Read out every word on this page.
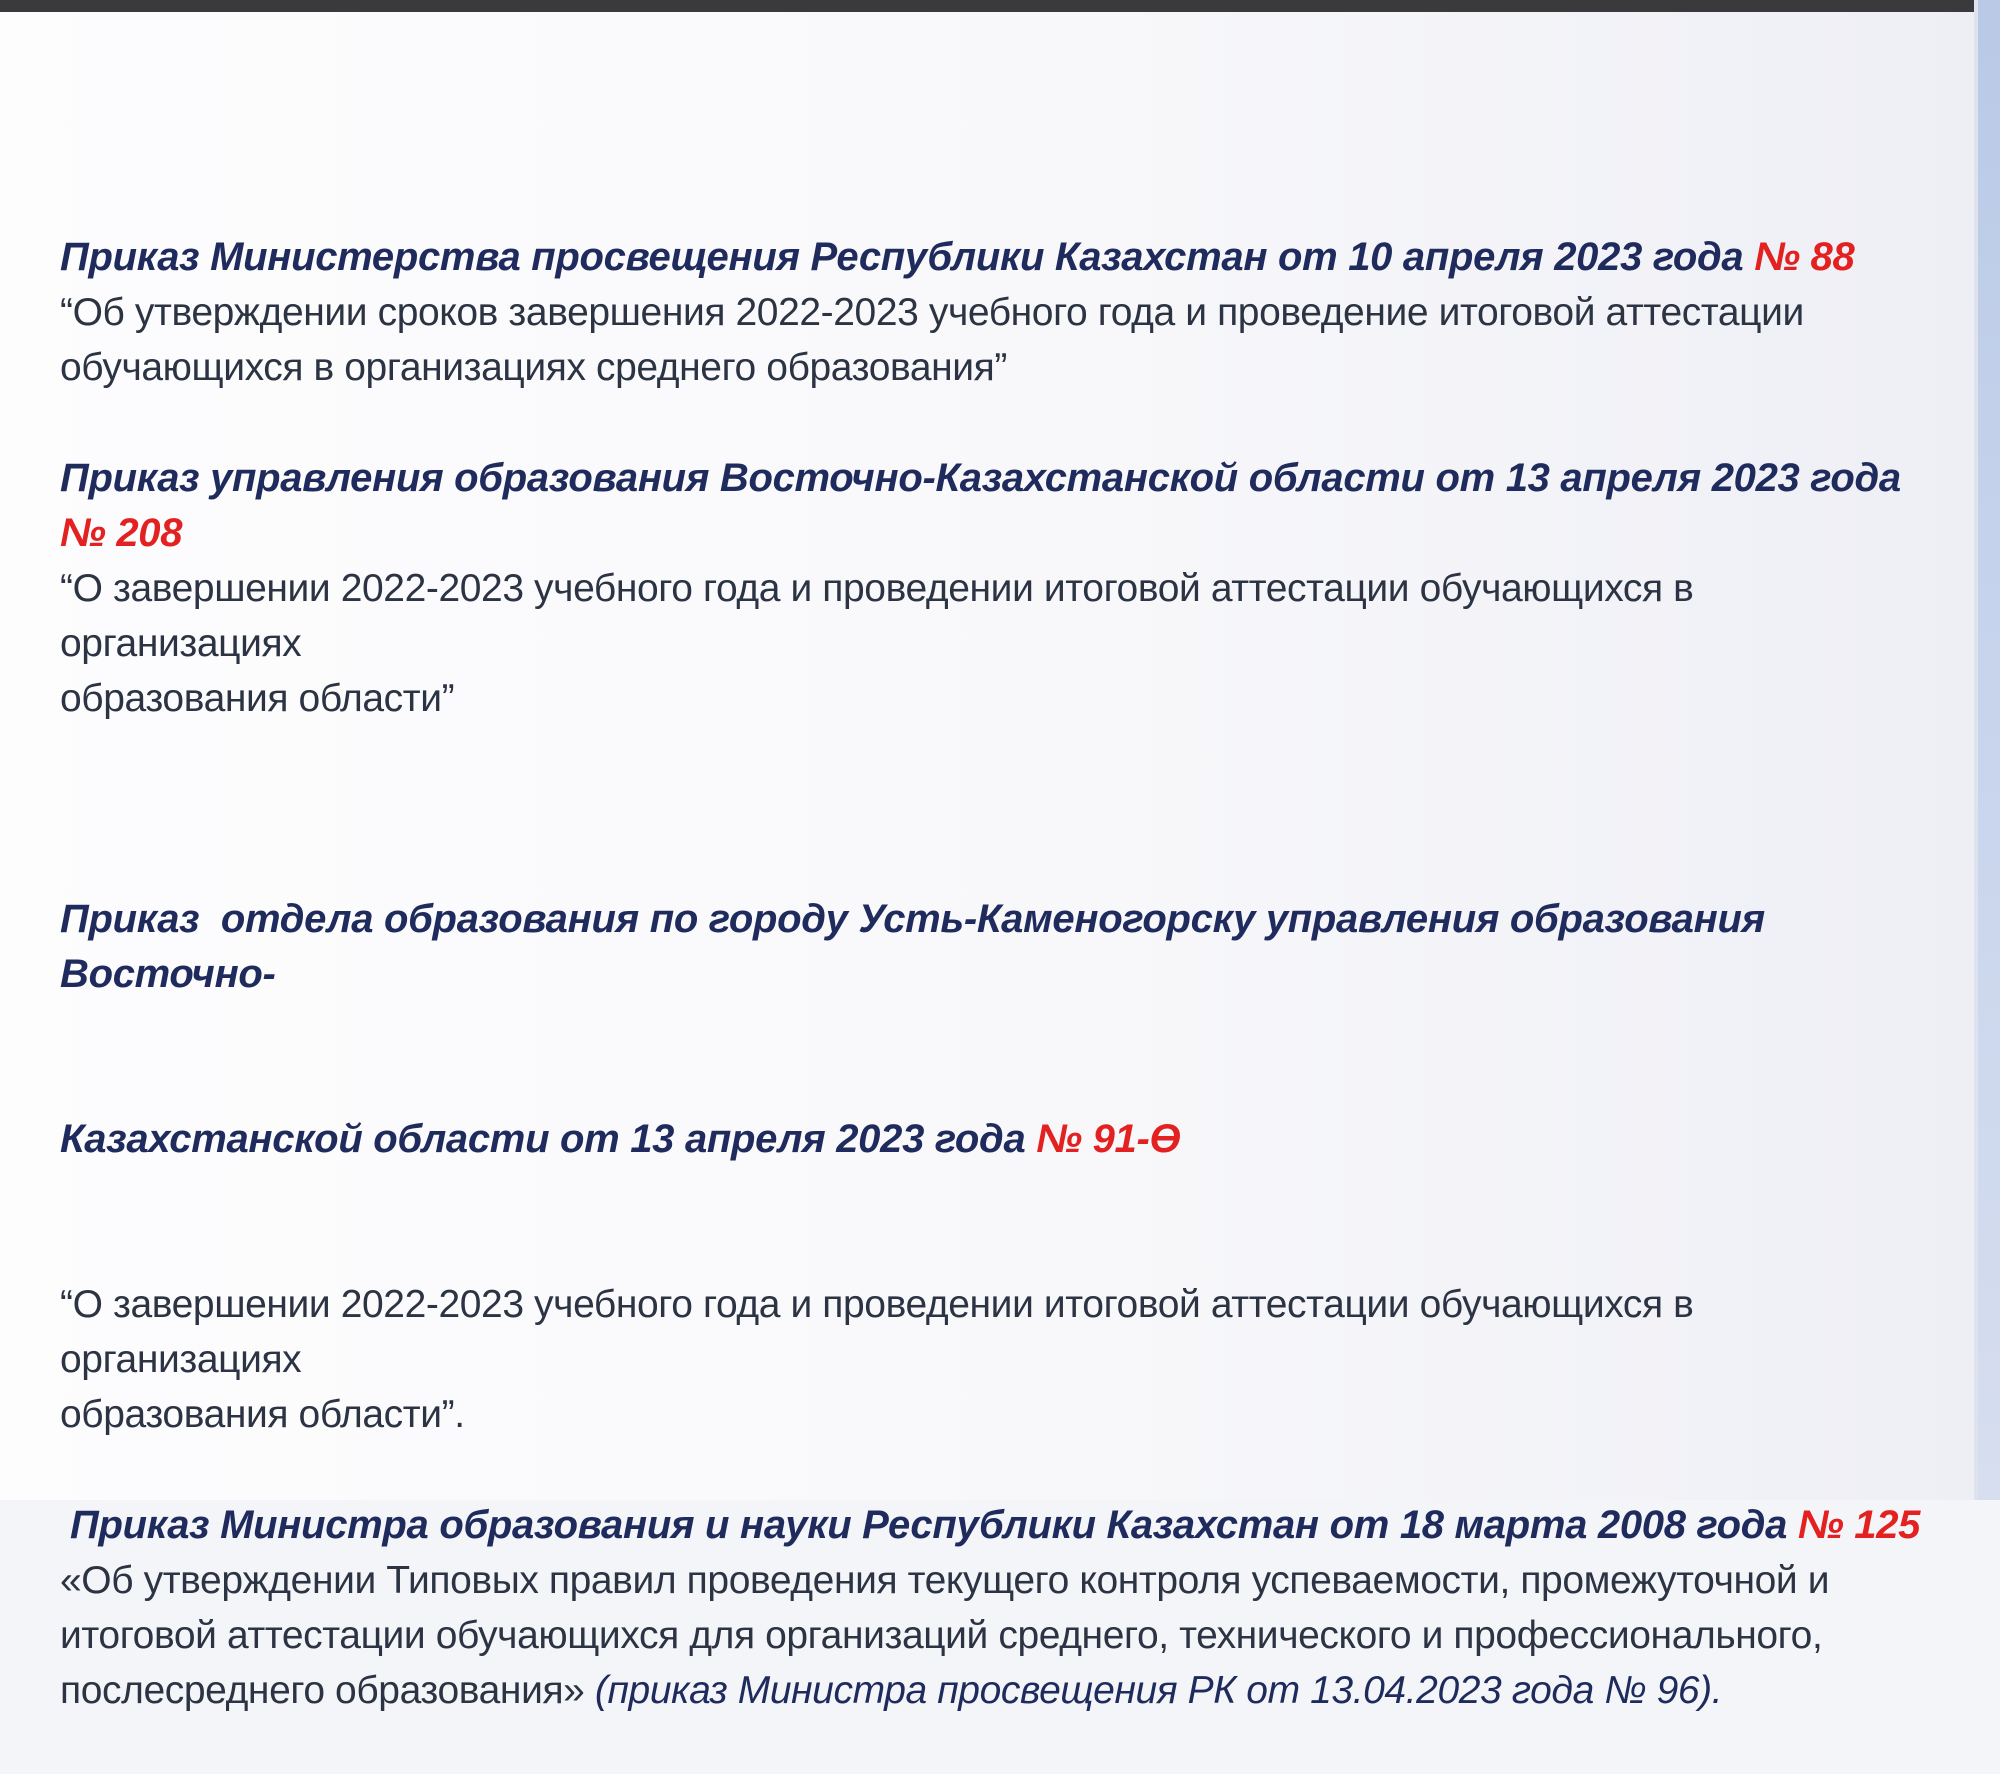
Приказ Министерства просвещения Республики Казахстан от 10 апреля 2023 года № 88
“Об утверждении сроков завершения 2022-2023 учебного года и проведение итоговой аттестации
обучающихся в организациях среднего образования”
Приказ управления образования Восточно-Казахстанской области от 13 апреля 2023 года № 208
“О завершении 2022-2023 учебного года и проведении итоговой аттестации обучающихся в организациях
образования области”

Приказ  отдела образования по городу Усть-Каменогорску управления образования Восточно-

Казахстанской области от 13 апреля 2023 года № 91-Ө

“О завершении 2022-2023 учебного года и проведении итоговой аттестации обучающихся в организациях
образования области”.
Приказ Министра образования и науки Республики Казахстан от 18 марта 2008 года № 125
«Об утверждении Типовых правил проведения текущего контроля успеваемости, промежуточной и
итоговой аттестации обучающихся для организаций среднего, технического и профессионального,
послесреднего образования» (приказ Министра просвещения РК от 13.04.2023 года № 96).
